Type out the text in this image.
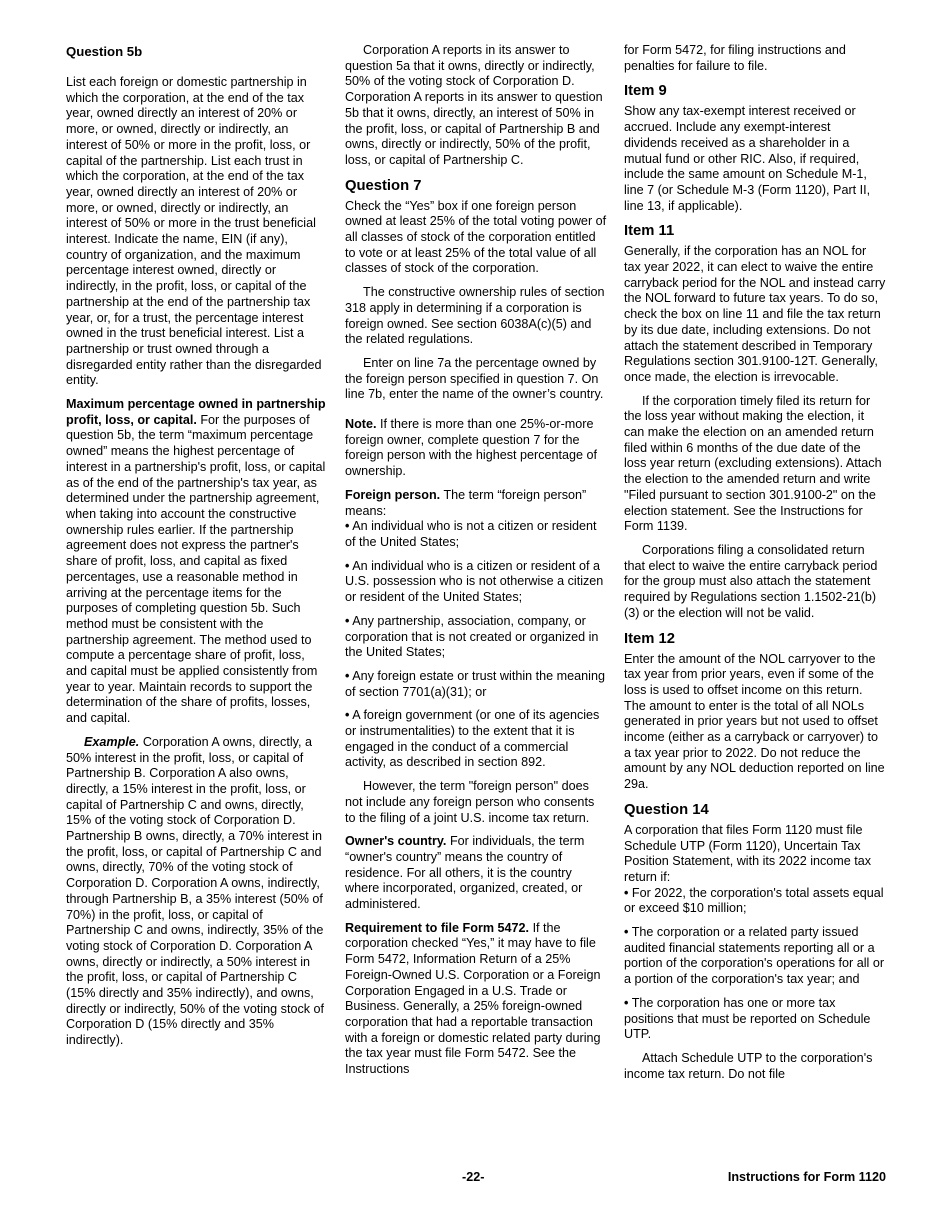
Question 5b

List each foreign or domestic partnership in which the corporation, at the end of the tax year, owned directly an interest of 20% or more, or owned, directly or indirectly, an interest of 50% or more in the profit, loss, or capital of the partnership. List each trust in which the corporation, at the end of the tax year, owned directly an interest of 20% or more, or owned, directly or indirectly, an interest of 50% or more in the trust beneficial interest. Indicate the name, EIN (if any), country of organization, and the maximum percentage interest owned, directly or indirectly, in the profit, loss, or capital of the partnership at the end of the partnership tax year, or, for a trust, the percentage interest owned in the trust beneficial interest. List a partnership or trust owned through a disregarded entity rather than the disregarded entity.

Maximum percentage owned in partnership profit, loss, or capital. For the purposes of question 5b, the term “maximum percentage owned” means the highest percentage of interest in a partnership's profit, loss, or capital as of the end of the partnership's tax year, as determined under the partnership agreement, when taking into account the constructive ownership rules earlier. If the partnership agreement does not express the partner's share of profit, loss, and capital as fixed percentages, use a reasonable method in arriving at the percentage items for the purposes of completing question 5b. Such method must be consistent with the partnership agreement. The method used to compute a percentage share of profit, loss, and capital must be applied consistently from year to year. Maintain records to support the determination of the share of profits, losses, and capital.

Example. Corporation A owns, directly, a 50% interest in the profit, loss, or capital of Partnership B. Corporation A also owns, directly, a 15% interest in the profit, loss, or capital of Partnership C and owns, directly, 15% of the voting stock of Corporation D. Partnership B owns, directly, a 70% interest in the profit, loss, or capital of Partnership C and owns, directly, 70% of the voting stock of Corporation D. Corporation A owns, indirectly, through Partnership B, a 35% interest (50% of 70%) in the profit, loss, or capital of Partnership C and owns, indirectly, 35% of the voting stock of Corporation D. Corporation A owns, directly or indirectly, a 50% interest in the profit, loss, or capital of Partnership C (15% directly and 35% indirectly), and owns, directly or indirectly, 50% of the voting stock of Corporation D (15% directly and 35% indirectly).

Corporation A reports in its answer to question 5a that it owns, directly or indirectly, 50% of the voting stock of Corporation D. Corporation A reports in its answer to question 5b that it owns, directly, an interest of 50% in the profit, loss, or capital of Partnership B and owns, directly or indirectly, 50% of the profit, loss, or capital of Partnership C.

Question 7

Check the “Yes” box if one foreign person owned at least 25% of the total voting power of all classes of stock of the corporation entitled to vote or at least 25% of the total value of all classes of stock of the corporation.

The constructive ownership rules of section 318 apply in determining if a corporation is foreign owned. See section 6038A(c)(5) and the related regulations.

Enter on line 7a the percentage owned by the foreign person specified in question 7. On line 7b, enter the name of the owner’s country.

Note. If there is more than one 25%-or-more foreign owner, complete question 7 for the foreign person with the highest percentage of ownership.

Foreign person. The term “foreign person” means:

• An individual who is not a citizen or resident of the United States;

• An individual who is a citizen or resident of a U.S. possession who is not otherwise a citizen or resident of the United States;

• Any partnership, association, company, or corporation that is not created or organized in the United States;

• Any foreign estate or trust within the meaning of section 7701(a)(31); or

• A foreign government (or one of its agencies or instrumentalities) to the extent that it is engaged in the conduct of a commercial activity, as described in section 892.

However, the term "foreign person" does not include any foreign person who consents to the filing of a joint U.S. income tax return.

Owner's country. For individuals, the term “owner's country” means the country of residence. For all others, it is the country where incorporated, organized, created, or administered.

Requirement to file Form 5472. If the corporation checked “Yes,” it may have to file Form 5472, Information Return of a 25% Foreign-Owned U.S. Corporation or a Foreign Corporation Engaged in a U.S. Trade or Business. Generally, a 25% foreign-owned corporation that had a reportable transaction with a foreign or domestic related party during the tax year must file Form 5472. See the Instructions

for Form 5472, for filing instructions and penalties for failure to file.

Item 9

Show any tax-exempt interest received or accrued. Include any exempt-interest dividends received as a shareholder in a mutual fund or other RIC. Also, if required, include the same amount on Schedule M-1, line 7 (or Schedule M-3 (Form 1120), Part II, line 13, if applicable).

Item 11

Generally, if the corporation has an NOL for tax year 2022, it can elect to waive the entire carryback period for the NOL and instead carry the NOL forward to future tax years. To do so, check the box on line 11 and file the tax return by its due date, including extensions. Do not attach the statement described in Temporary Regulations section 301.9100-12T. Generally, once made, the election is irrevocable.

If the corporation timely filed its return for the loss year without making the election, it can make the election on an amended return filed within 6 months of the due date of the loss year return (excluding extensions). Attach the election to the amended return and write "Filed pursuant to section 301.9100-2" on the election statement. See the Instructions for Form 1139.

Corporations filing a consolidated return that elect to waive the entire carryback period for the group must also attach the statement required by Regulations section 1.1502-21(b)(3) or the election will not be valid.

Item 12

Enter the amount of the NOL carryover to the tax year from prior years, even if some of the loss is used to offset income on this return. The amount to enter is the total of all NOLs generated in prior years but not used to offset income (either as a carryback or carryover) to a tax year prior to 2022. Do not reduce the amount by any NOL deduction reported on line 29a.

Question 14

A corporation that files Form 1120 must file Schedule UTP (Form 1120), Uncertain Tax Position Statement, with its 2022 income tax return if:

• For 2022, the corporation's total assets equal or exceed $10 million;

• The corporation or a related party issued audited financial statements reporting all or a portion of the corporation's operations for all or a portion of the corporation's tax year; and

• The corporation has one or more tax positions that must be reported on Schedule UTP.

Attach Schedule UTP to the corporation's income tax return. Do not file

-22-	Instructions for Form 1120
